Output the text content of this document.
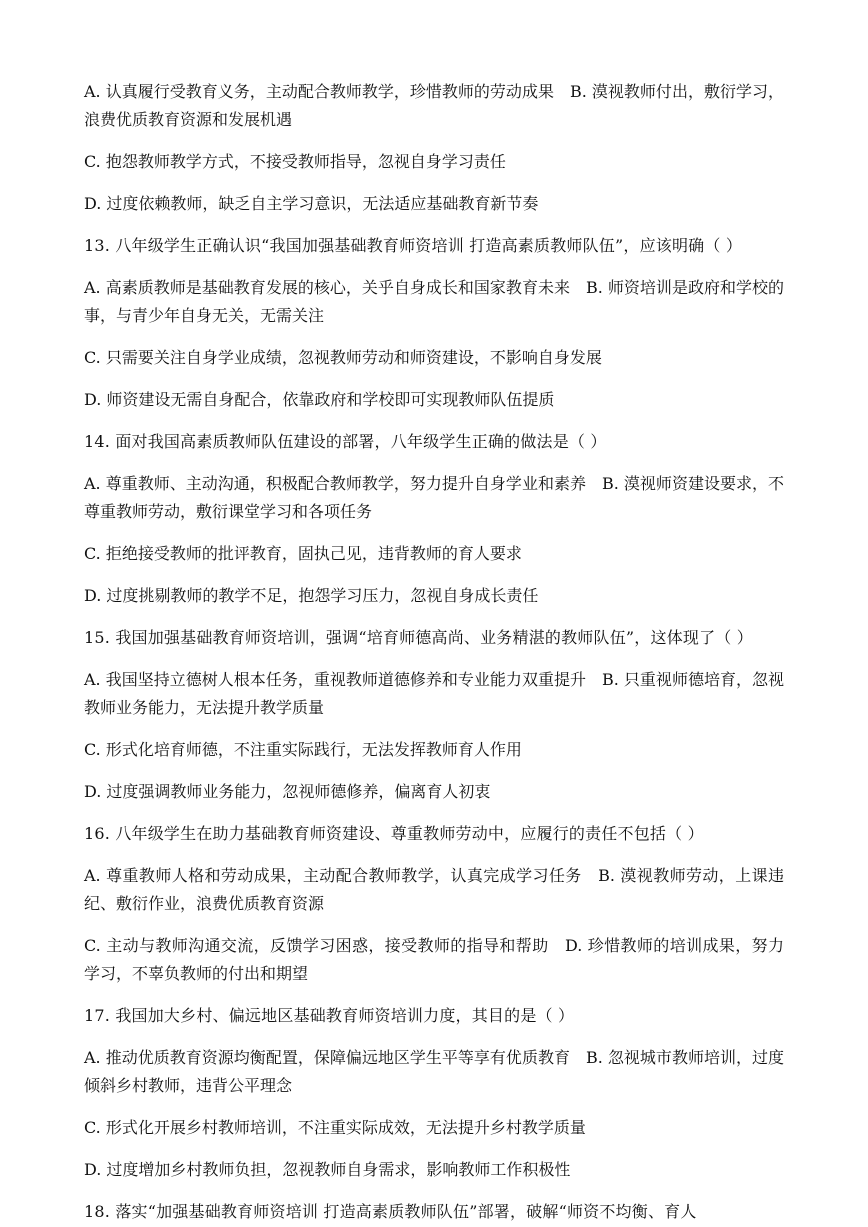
A. 认真履行受教育义务，主动配合教师教学，珍惜教师的劳动成果　B. 漠视教师付出，敷衍学习，浪费优质教育资源和发展机遇

C. 抱怨教师教学方式，不接受教师指导，忽视自身学习责任

D. 过度依赖教师，缺乏自主学习意识，无法适应基础教育新节奏

13. 八年级学生正确认识“我国加强基础教育师资培训 打造高素质教师队伍”，应该明确（ ）

A. 高素质教师是基础教育发展的核心，关乎自身成长和国家教育未来　B. 师资培训是政府和学校的事，与青少年自身无关，无需关注

C. 只需要关注自身学业成绩，忽视教师劳动和师资建设，不影响自身发展

D. 师资建设无需自身配合，依靠政府和学校即可实现教师队伍提质

14. 面对我国高素质教师队伍建设的部署，八年级学生正确的做法是（ ）

A. 尊重教师、主动沟通，积极配合教师教学，努力提升自身学业和素养　B. 漠视师资建设要求，不尊重教师劳动，敷衍课堂学习和各项任务

C. 拒绝接受教师的批评教育，固执己见，违背教师的育人要求

D. 过度挑剔教师的教学不足，抱怨学习压力，忽视自身成长责任

15. 我国加强基础教育师资培训，强调“培育师德高尚、业务精湛的教师队伍”，这体现了（ ）

A. 我国坚持立德树人根本任务，重视教师道德修养和专业能力双重提升　B. 只重视师德培育，忽视教师业务能力，无法提升教学质量

C. 形式化培育师德，不注重实际践行，无法发挥教师育人作用

D. 过度强调教师业务能力，忽视师德修养，偏离育人初衷

16. 八年级学生在助力基础教育师资建设、尊重教师劳动中，应履行的责任不包括（ ）

A. 尊重教师人格和劳动成果，主动配合教师教学，认真完成学习任务　B. 漠视教师劳动，上课违纪、敷衍作业，浪费优质教育资源

C. 主动与教师沟通交流，反馈学习困惑，接受教师的指导和帮助　D. 珍惜教师的培训成果，努力学习，不辜负教师的付出和期望

17. 我国加大乡村、偏远地区基础教育师资培训力度，其目的是（ ）

A. 推动优质教育资源均衡配置，保障偏远地区学生平等享有优质教育　B. 忽视城市教师培训，过度倾斜乡村教师，违背公平理念

C. 形式化开展乡村教师培训，不注重实际成效，无法提升乡村教学质量

D. 过度增加乡村教师负担，忽视教师自身需求，影响教师工作积极性

18. 落实“加强基础教育师资培训 打造高素质教师队伍”部署，破解“师资不均衡、育人
